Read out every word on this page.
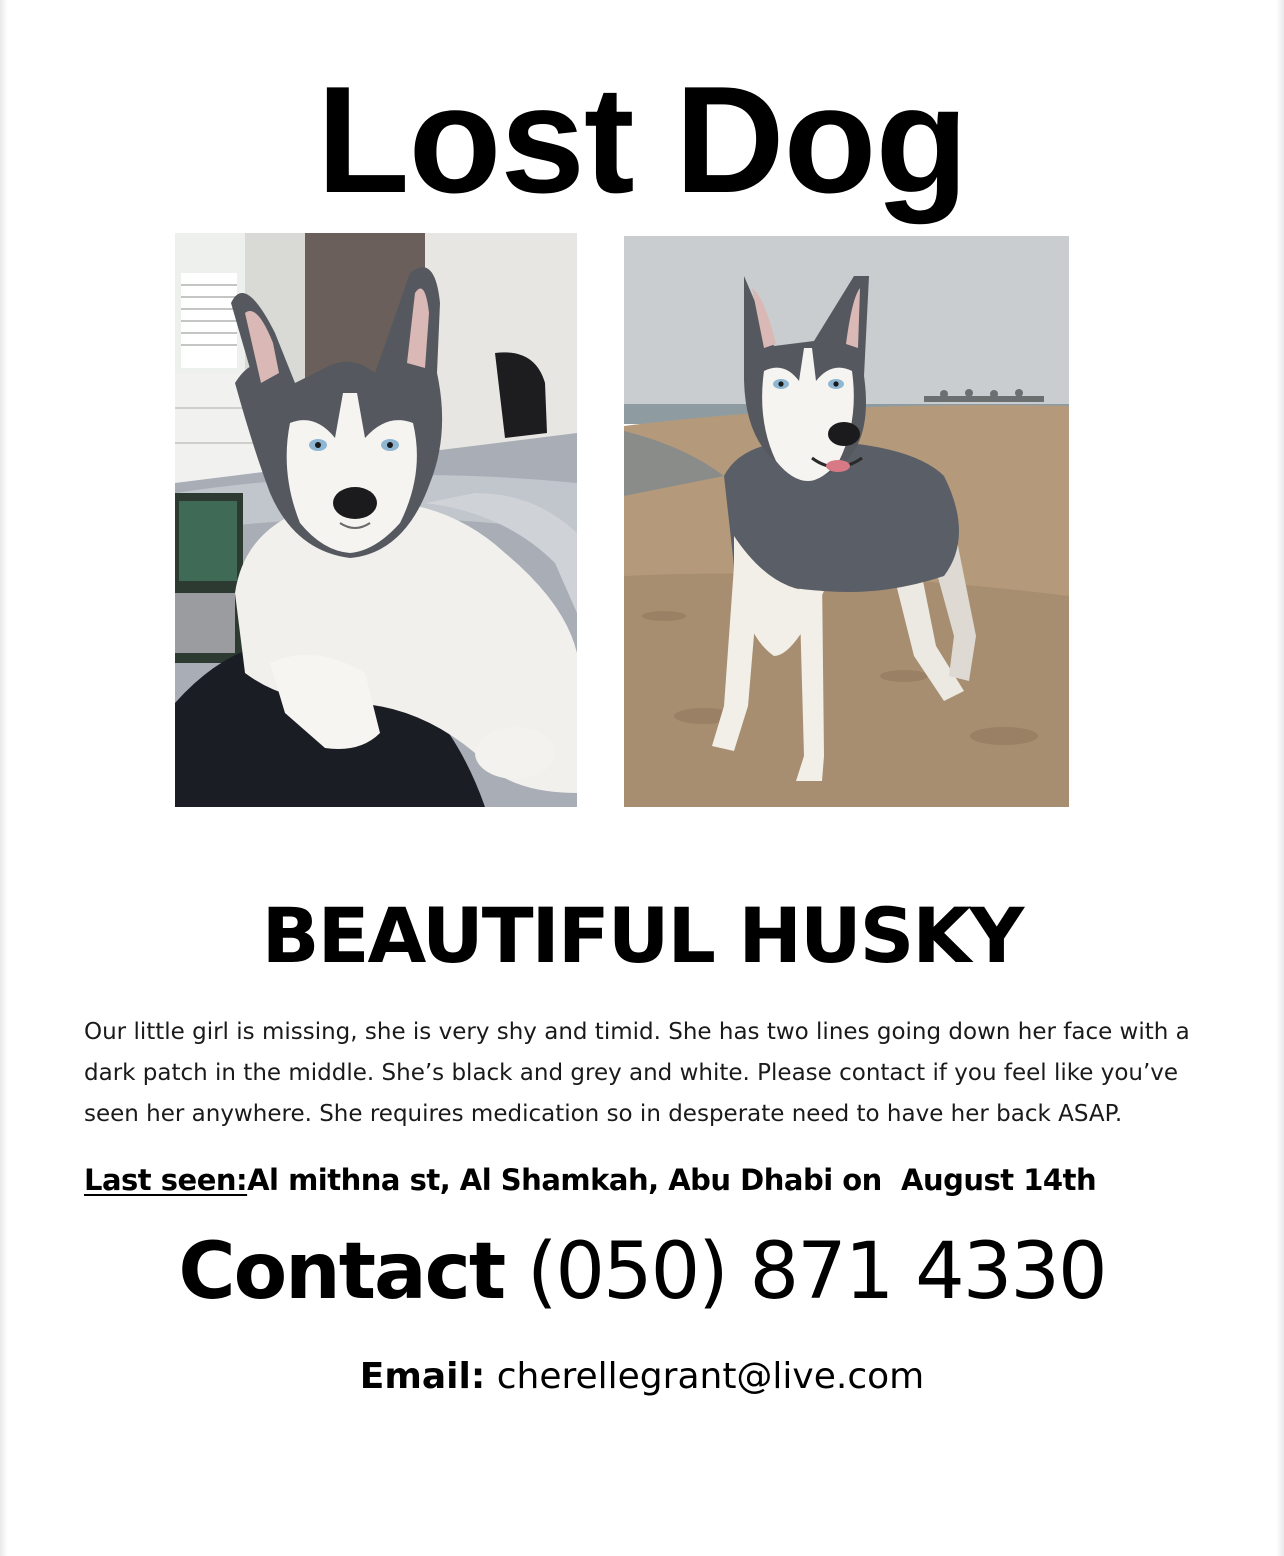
Lost Dog
BEAUTIFUL HUSKY

Our little girl is missing, she is very shy and timid. She has two lines going down her face with a dark patch in the middle. She’s black and grey and white. Please contact if you feel like you’ve seen her anywhere. She requires medication so in desperate need to have her back ASAP.

Last seen:Al mithna st, Al Shamkah, Abu Dhabi on  August 14th

Contact (050) 871 4330
Email: cherellegrant@live.com
